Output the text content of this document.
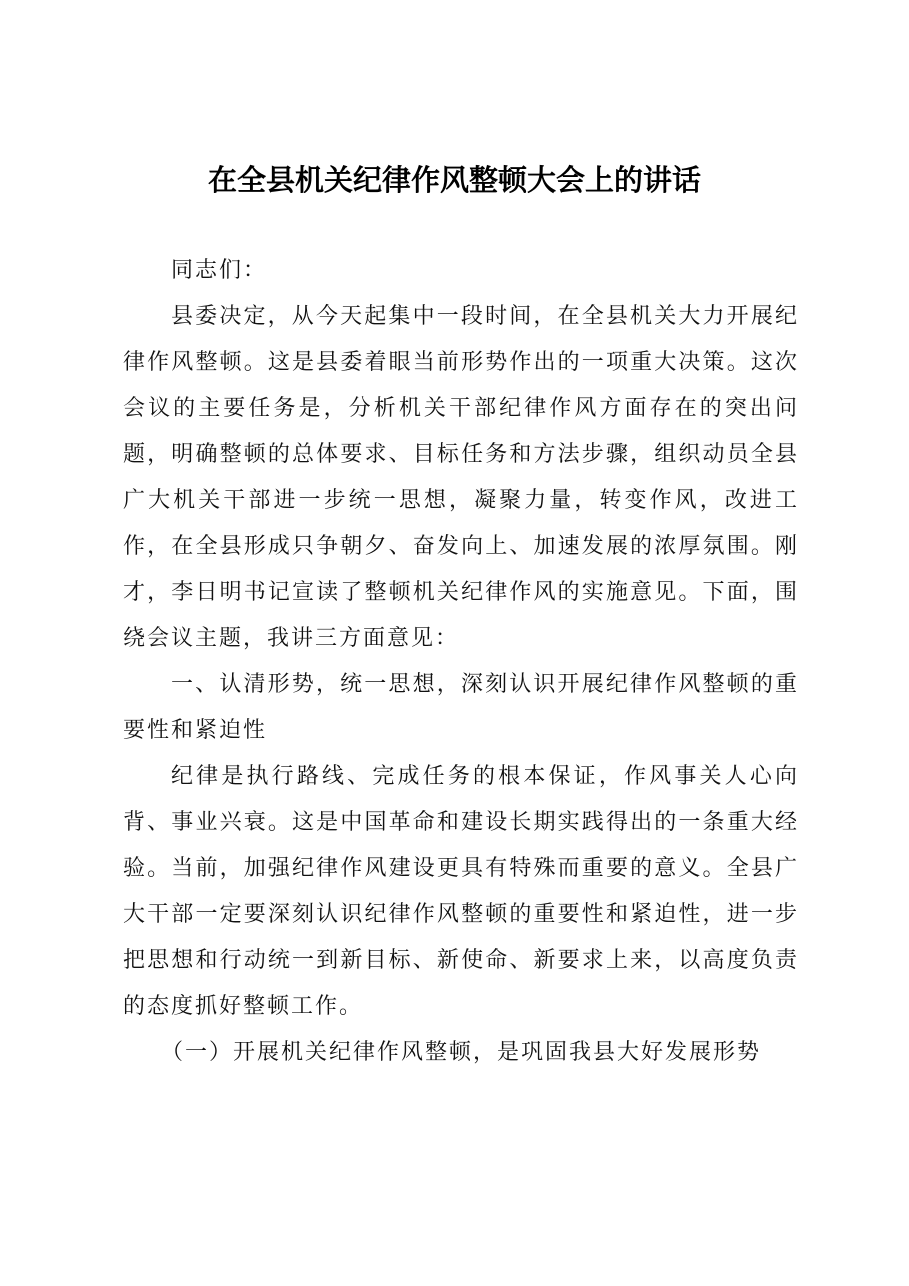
在全县机关纪律作风整顿大会上的讲话

同志们：

县委决定，从今天起集中一段时间，在全县机关大力开展纪律作风整顿。这是县委着眼当前形势作出的一项重大决策。这次会议的主要任务是，分析机关干部纪律作风方面存在的突出问题，明确整顿的总体要求、目标任务和方法步骤，组织动员全县广大机关干部进一步统一思想，凝聚力量，转变作风，改进工作，在全县形成只争朝夕、奋发向上、加速发展的浓厚氛围。刚才，李日明书记宣读了整顿机关纪律作风的实施意见。下面，围绕会议主题，我讲三方面意见：

一、认清形势，统一思想，深刻认识开展纪律作风整顿的重要性和紧迫性

纪律是执行路线、完成任务的根本保证，作风事关人心向背、事业兴衰。这是中国革命和建设长期实践得出的一条重大经验。当前，加强纪律作风建设更具有特殊而重要的意义。全县广大干部一定要深刻认识纪律作风整顿的重要性和紧迫性，进一步把思想和行动统一到新目标、新使命、新要求上来，以高度负责的态度抓好整顿工作。

（一）开展机关纪律作风整顿，是巩固我县大好发展形势
